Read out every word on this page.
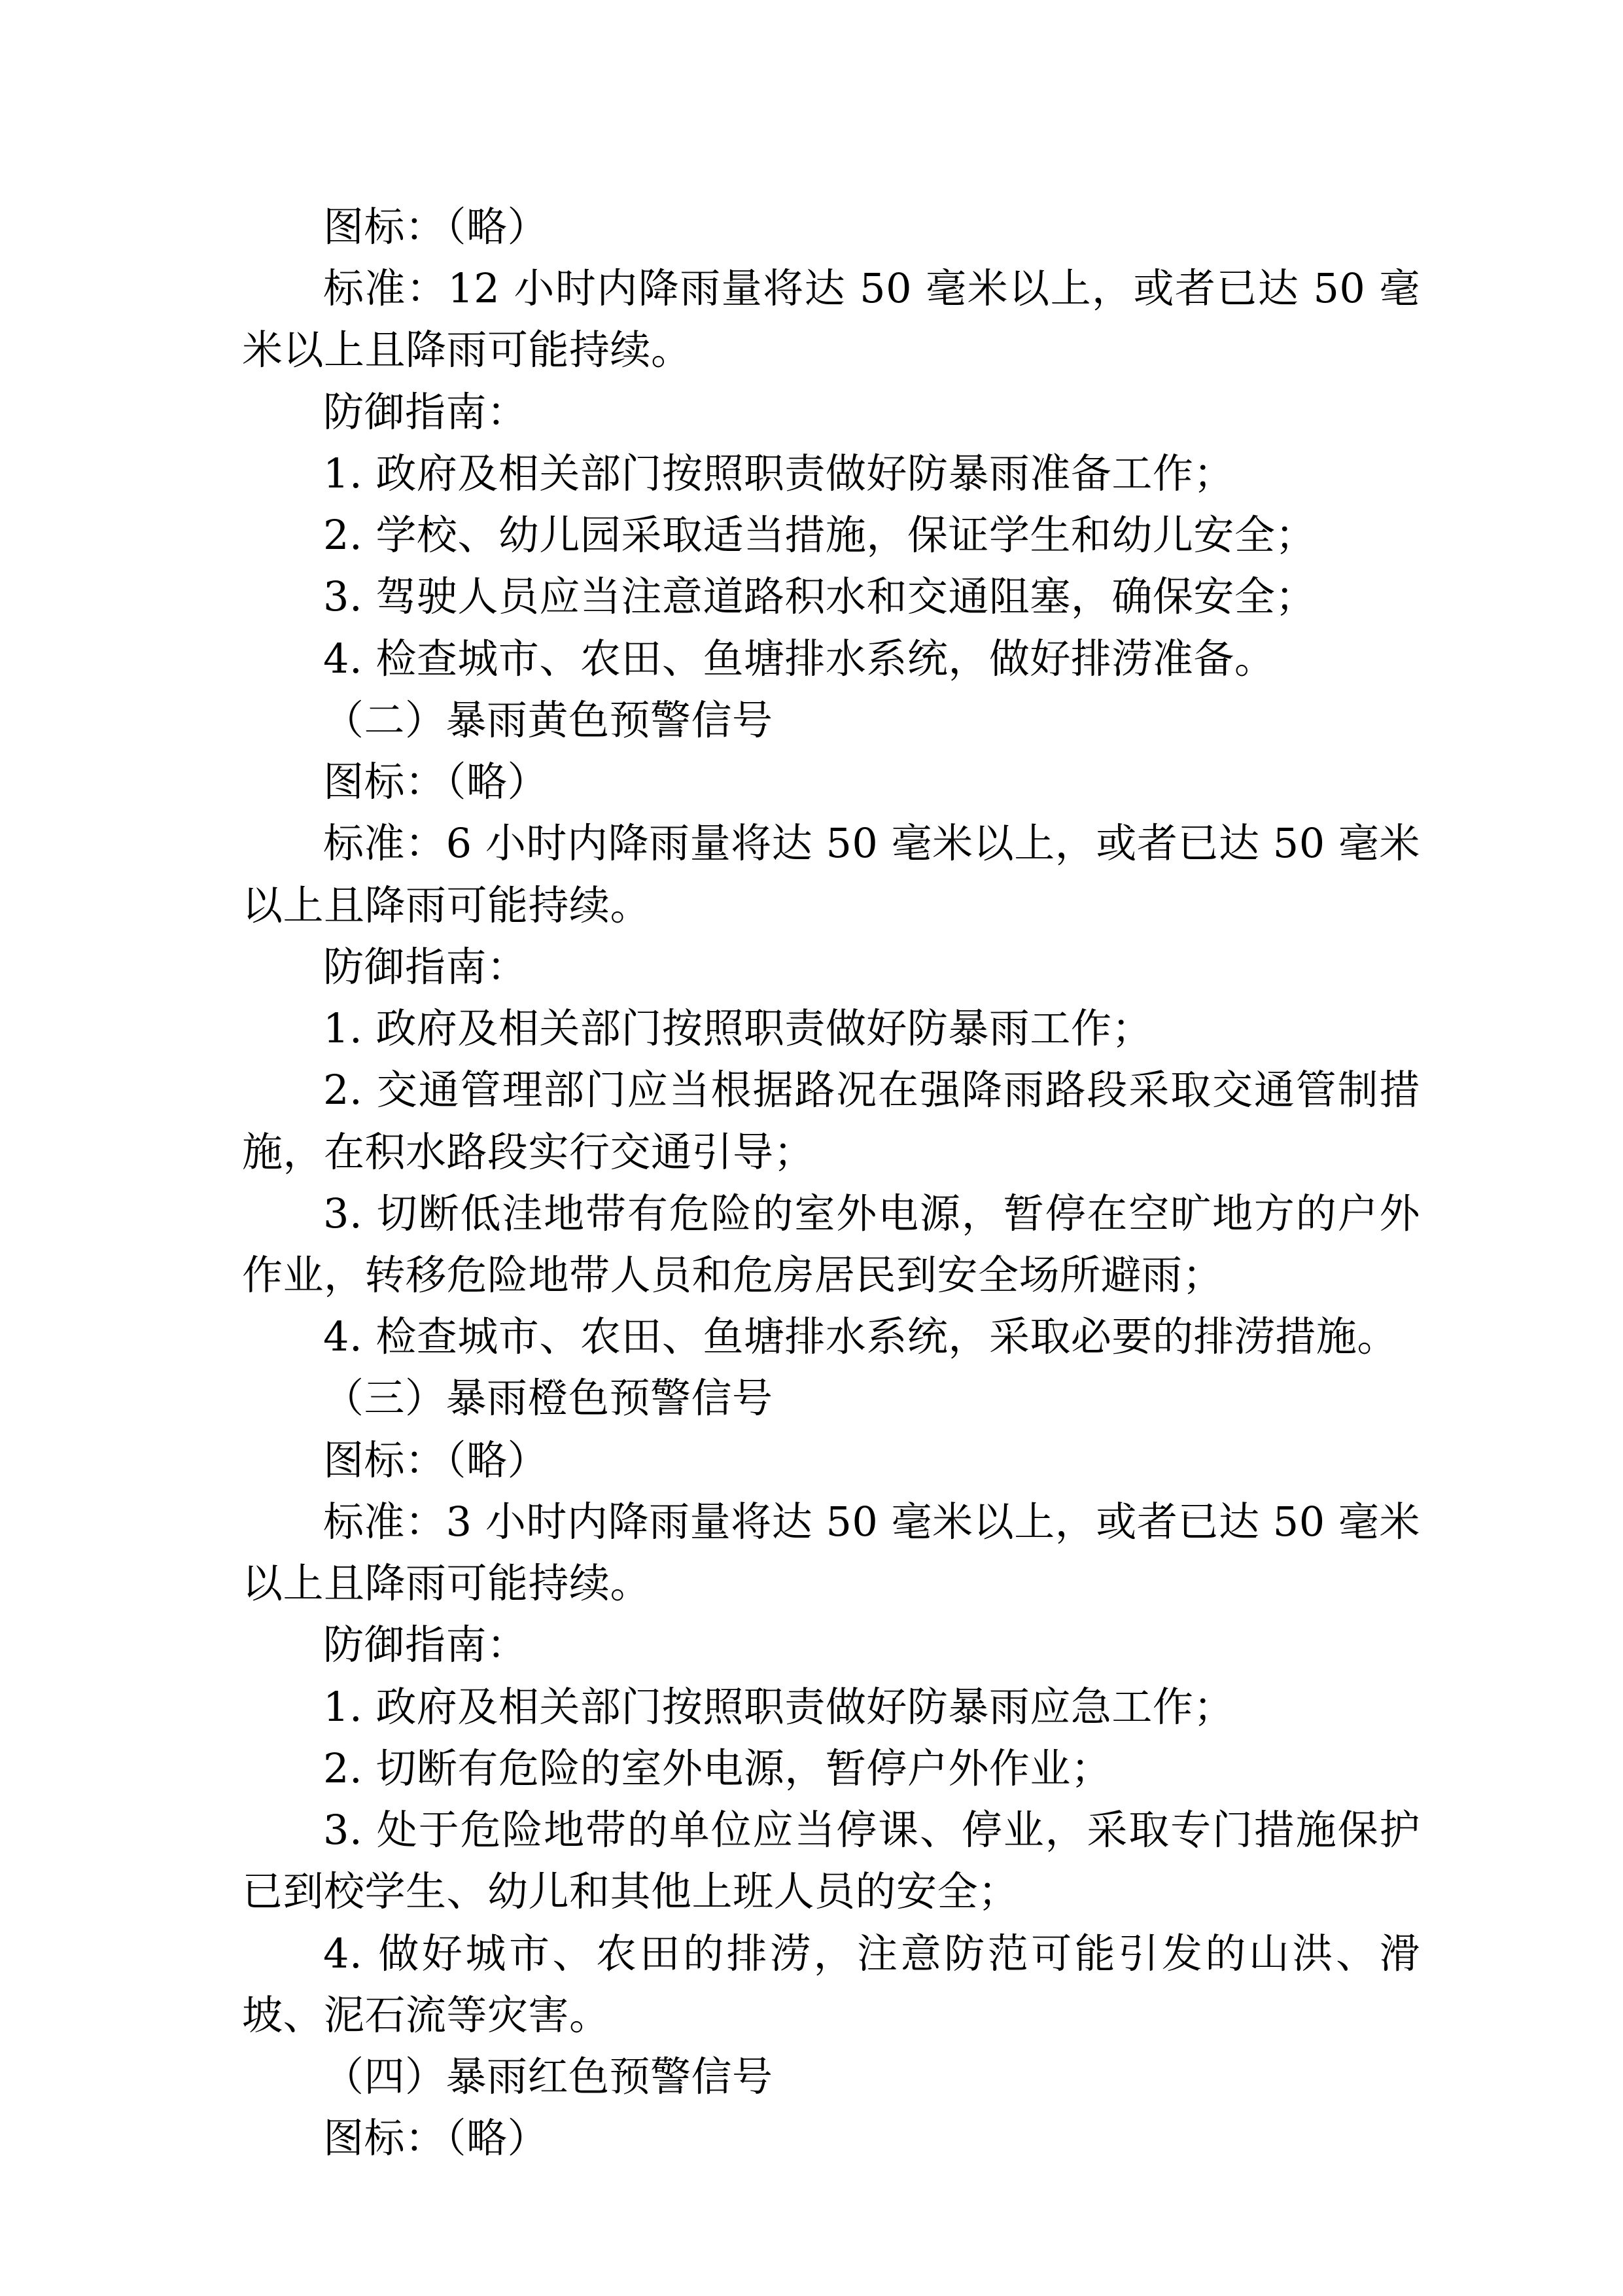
图标：（略）

标准：12 小时内降雨量将达 50 毫米以上，或者已达 50 毫米以上且降雨可能持续。

防御指南：

1. 政府及相关部门按照职责做好防暴雨准备工作；

2. 学校、幼儿园采取适当措施，保证学生和幼儿安全；

3. 驾驶人员应当注意道路积水和交通阻塞，确保安全；

4. 检查城市、农田、鱼塘排水系统，做好排涝准备。

（二）暴雨黄色预警信号

图标：（略）

标准：6 小时内降雨量将达 50 毫米以上，或者已达 50 毫米以上且降雨可能持续。

防御指南：

1. 政府及相关部门按照职责做好防暴雨工作；

2. 交通管理部门应当根据路况在强降雨路段采取交通管制措施，在积水路段实行交通引导；

3. 切断低洼地带有危险的室外电源，暂停在空旷地方的户外作业，转移危险地带人员和危房居民到安全场所避雨；

4. 检查城市、农田、鱼塘排水系统，采取必要的排涝措施。

（三）暴雨橙色预警信号

图标：（略）

标准：3 小时内降雨量将达 50 毫米以上，或者已达 50 毫米以上且降雨可能持续。

防御指南：

1. 政府及相关部门按照职责做好防暴雨应急工作；

2. 切断有危险的室外电源，暂停户外作业；

3. 处于危险地带的单位应当停课、停业，采取专门措施保护已到校学生、幼儿和其他上班人员的安全；

4. 做好城市、农田的排涝，注意防范可能引发的山洪、滑坡、泥石流等灾害。

（四）暴雨红色预警信号

图标：（略）
